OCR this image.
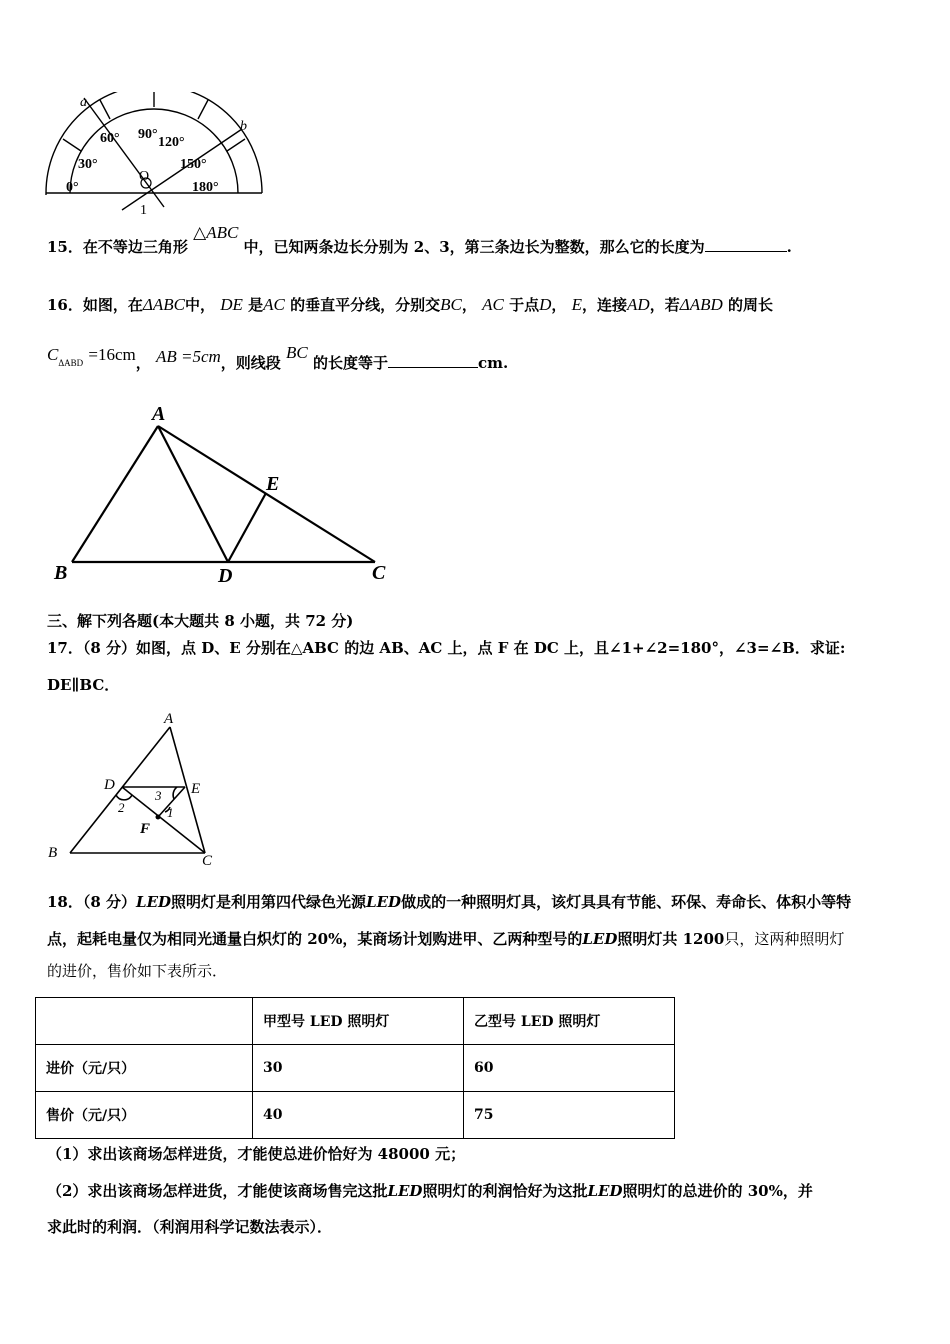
a
b
60° 90°
120°
30°	150°
O
0°	180°
1
15．在不等边三角形 △ABC 中，已知两条边长分别为 2、3，第三条边长为整数，那么它的长度为	.
16．如图，在ΔABC中， DE 是AC 的垂直平分线，分别交BC， AC 于点D， E，连接AD，若ΔABD 的周长
CΔABD =16cm， AB =5cm，则线段 BC 的长度等于	cm.
A
E
B	D	C
三、解下列各题(本大题共 8 小题，共 72 分)
17．（8 分）如图，点 D、E 分别在△ABC 的边 AB、AC 上，点 F 在 DC 上，且∠1+∠2=180°，∠3=∠B．求证:
DE∥BC．
A
D	E
2
3
1
F
B	C
18．（8 分）LED照明灯是利用第四代绿色光源LED做成的一种照明灯具，该灯具具有节能、环保、寿命长、体积小等特
点，起耗电量仅为相同光通量白炽灯的 20%，某商场计划购进甲、乙两种型号的LED照明灯共 1200只，这两种照明灯
的进价，售价如下表所示．
	甲型号 LED 照明灯	乙型号 LED 照明灯
进价（元/只）	30	60
售价（元/只）	40	75
（1）求出该商场怎样进货，才能使总进价恰好为 48000 元；
（2）求出该商场怎样进货，才能使该商场售完这批LED照明灯的利润恰好为这批LED照明灯的总进价的 30%，并
求此时的利润．（利润用科学记数法表示）．
